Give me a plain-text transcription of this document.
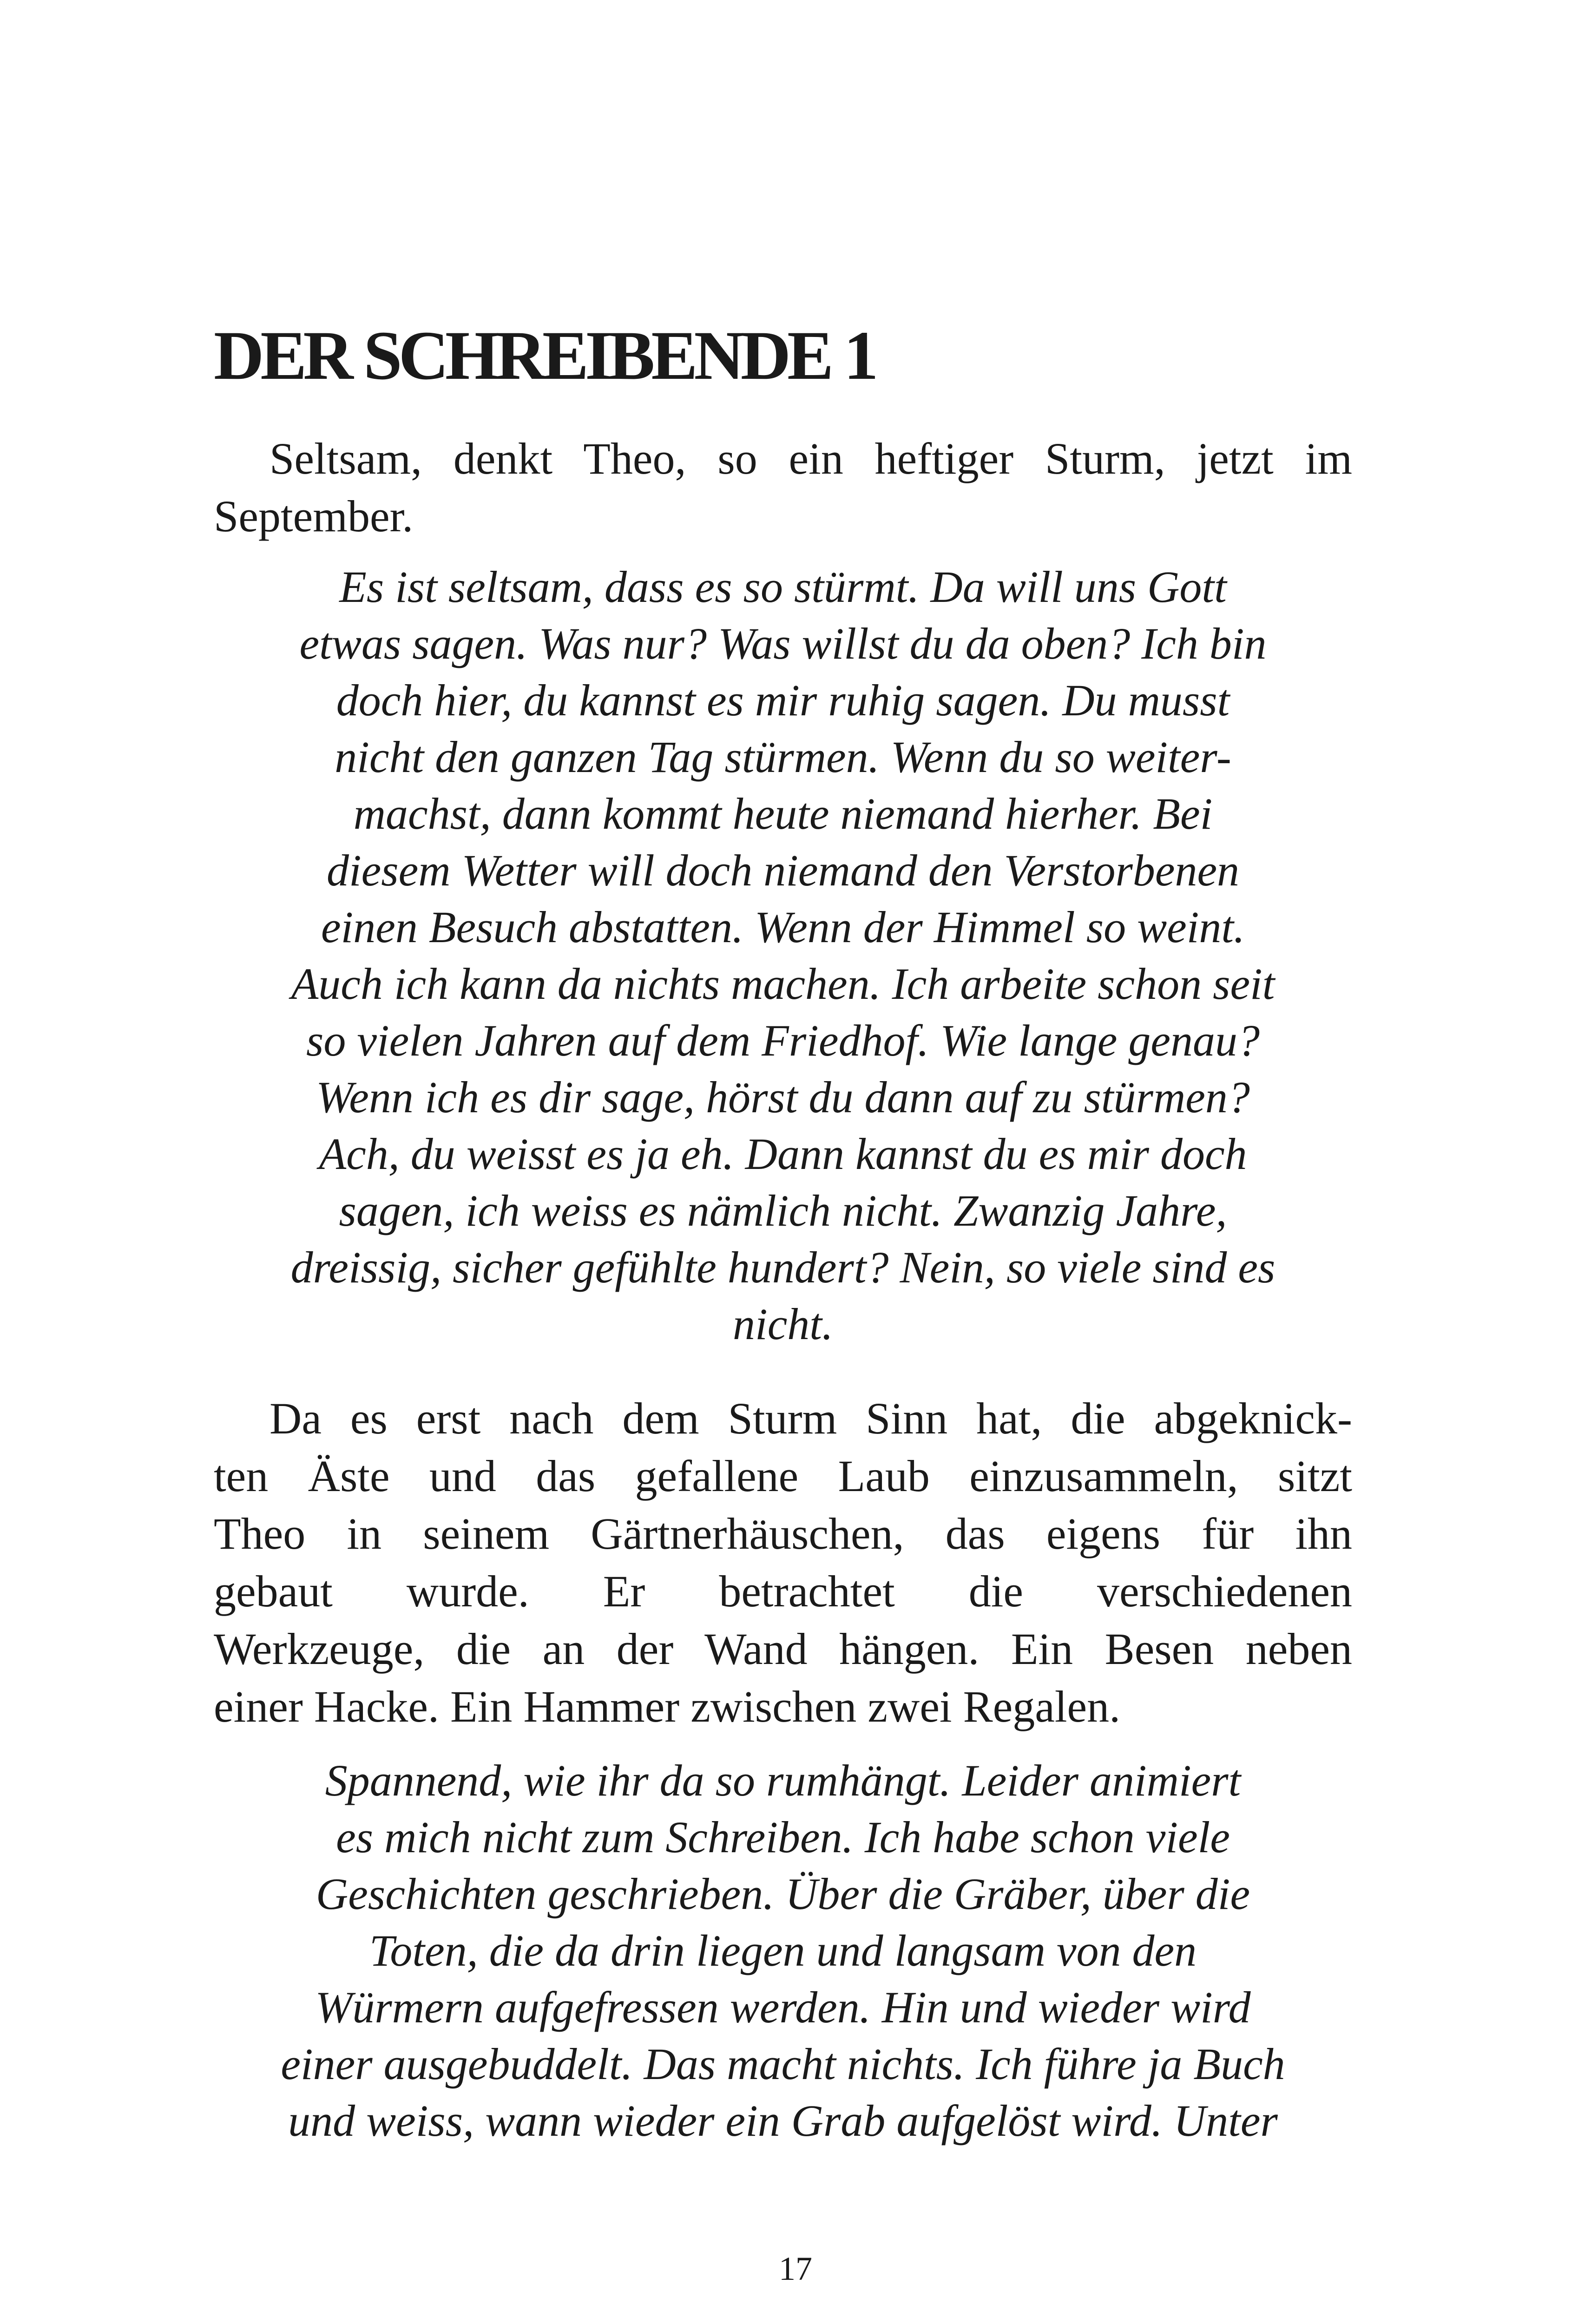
DER SCHREIBENDE 1

Seltsam, denkt Theo, so ein heftiger Sturm, jetzt im
September.

Es ist seltsam, dass es so stürmt. Da will uns Gott
etwas sagen. Was nur? Was willst du da oben? Ich bin
doch hier, du kannst es mir ruhig sagen. Du musst
nicht den ganzen Tag stürmen. Wenn du so weiter-
machst, dann kommt heute niemand hierher. Bei
diesem Wetter will doch niemand den Verstorbenen
einen Besuch abstatten. Wenn der Himmel so weint.
Auch ich kann da nichts machen. Ich arbeite schon seit
so vielen Jahren auf dem Friedhof. Wie lange genau?
Wenn ich es dir sage, hörst du dann auf zu stürmen?
Ach, du weisst es ja eh. Dann kannst du es mir doch
sagen, ich weiss es nämlich nicht. Zwanzig Jahre,
dreissig, sicher gefühlte hundert? Nein, so viele sind es
nicht.

Da es erst nach dem Sturm Sinn hat, die abgeknick-
ten Äste und das gefallene Laub einzusammeln, sitzt
Theo in seinem Gärtnerhäuschen, das eigens für ihn
gebaut wurde. Er betrachtet die verschiedenen
Werkzeuge, die an der Wand hängen. Ein Besen neben
einer Hacke. Ein Hammer zwischen zwei Regalen.

Spannend, wie ihr da so rumhängt. Leider animiert
es mich nicht zum Schreiben. Ich habe schon viele
Geschichten geschrieben. Über die Gräber, über die
Toten, die da drin liegen und langsam von den
Würmern aufgefressen werden. Hin und wieder wird
einer ausgebuddelt. Das macht nichts. Ich führe ja Buch
und weiss, wann wieder ein Grab aufgelöst wird. Unter
17
